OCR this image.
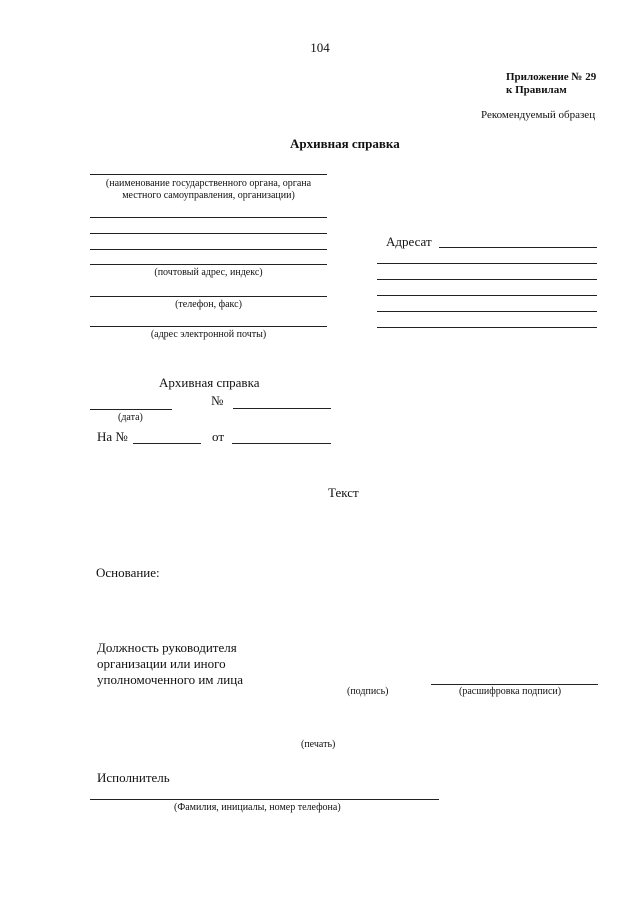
104
Приложение № 29
к Правилам
Рекомендуемый образец
Архивная справка
(наименование государственного органа, органа
местного самоуправления, организации)
(почтовый адрес, индекс)
(телефон, факс)
(адрес электронной почты)
Адресат
Архивная справка
№
(дата)
На №	от
Текст
Основание:
Должность руководителя
организации или иного
уполномоченного им лица
(подпись)	(расшифровка подписи)
(печать)
Исполнитель
(Фамилия, инициалы, номер телефона)
